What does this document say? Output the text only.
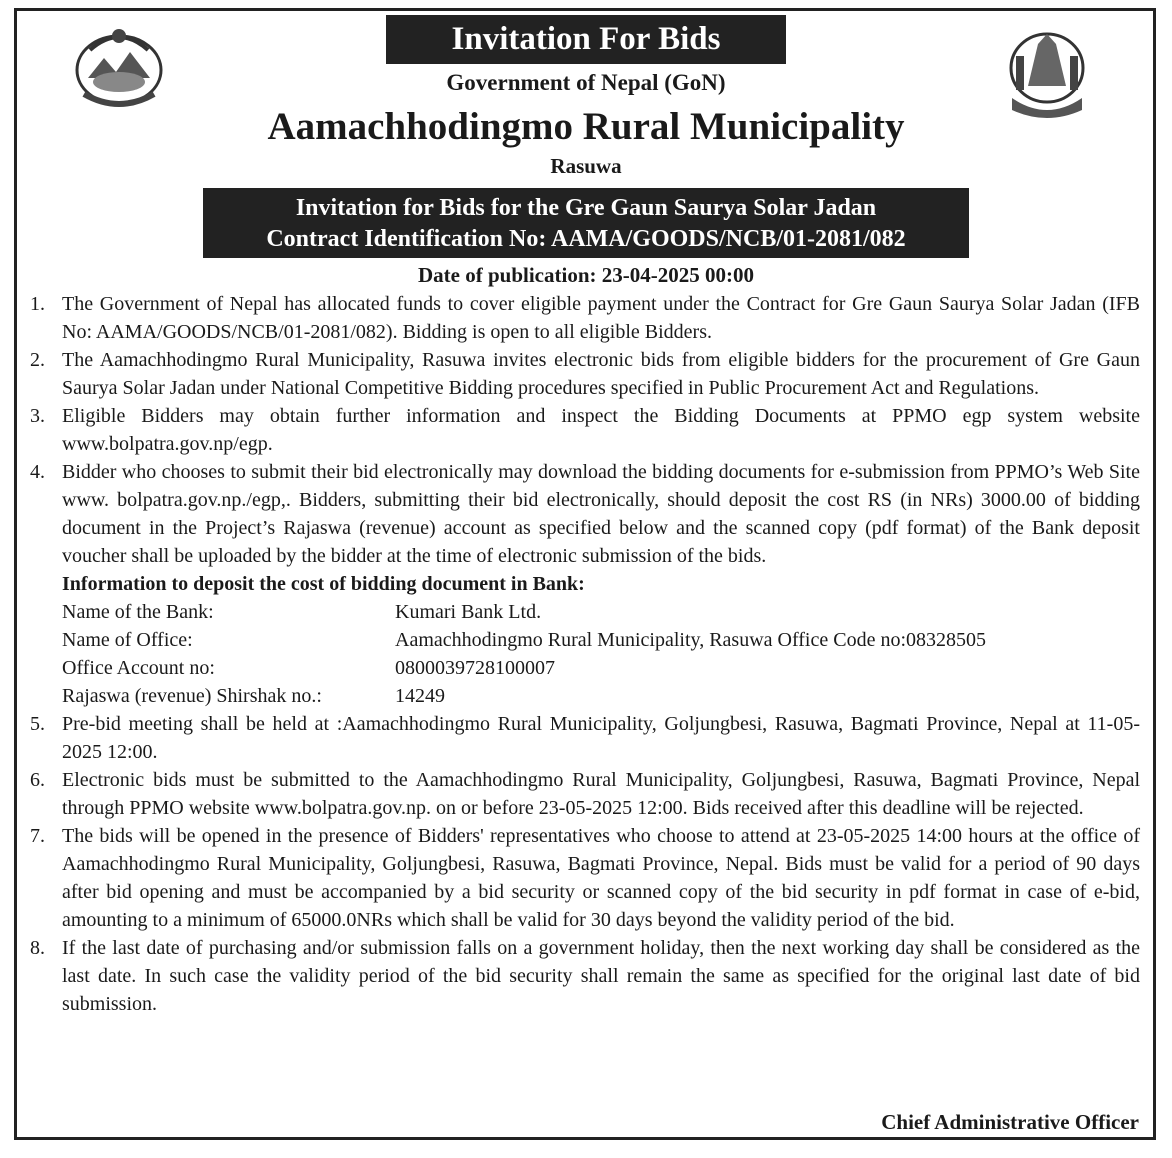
Invitation For Bids
Government of Nepal (GoN)
Aamachhodingmo Rural Municipality
Rasuwa
Invitation for Bids for the Gre Gaun Saurya Solar Jadan
Contract Identification No: AAMA/GOODS/NCB/01-2081/082
Date of publication: 23-04-2025 00:00
1. The Government of Nepal has allocated funds to cover eligible payment under the Contract for Gre Gaun Saurya Solar Jadan (IFB No: AAMA/GOODS/NCB/01-2081/082). Bidding is open to all eligible Bidders.
2. The Aamachhodingmo Rural Municipality, Rasuwa invites electronic bids from eligible bidders for the procurement of Gre Gaun Saurya Solar Jadan under National Competitive Bidding procedures specified in Public Procurement Act and Regulations.
3. Eligible Bidders may obtain further information and inspect the Bidding Documents at PPMO egp system website www.bolpatra.gov.np/egp.
4. Bidder who chooses to submit their bid electronically may download the bidding documents for e-submission from PPMO’s Web Site www. bolpatra.gov.np./egp,. Bidders, submitting their bid electronically, should deposit the cost RS (in NRs) 3000.00 of bidding document in the Project’s Rajaswa (revenue) account as specified below and the scanned copy (pdf format) of the Bank deposit voucher shall be uploaded by the bidder at the time of electronic submission of the bids.
Information to deposit the cost of bidding document in Bank:
Name of the Bank:	Kumari Bank Ltd.
Name of Office:	Aamachhodingmo Rural Municipality, Rasuwa Office Code no:08328505
Office Account no:	0800039728100007
Rajaswa (revenue) Shirshak no.:	14249
5. Pre-bid meeting shall be held at :Aamachhodingmo Rural Municipality, Goljungbesi, Rasuwa, Bagmati Province, Nepal at 11-05-2025 12:00.
6. Electronic bids must be submitted to the Aamachhodingmo Rural Municipality, Goljungbesi, Rasuwa, Bagmati Province, Nepal through PPMO website www.bolpatra.gov.np. on or before 23-05-2025 12:00. Bids received after this deadline will be rejected.
7. The bids will be opened in the presence of Bidders' representatives who choose to attend at 23-05-2025 14:00 hours at the office of Aamachhodingmo Rural Municipality, Goljungbesi, Rasuwa, Bagmati Province, Nepal. Bids must be valid for a period of 90 days after bid opening and must be accompanied by a bid security or scanned copy of the bid security in pdf format in case of e-bid, amounting to a minimum of 65000.0NRs which shall be valid for 30 days beyond the validity period of the bid.
8. If the last date of purchasing and/or submission falls on a government holiday, then the next working day shall be considered as the last date. In such case the validity period of the bid security shall remain the same as specified for the original last date of bid submission.
Chief Administrative Officer
